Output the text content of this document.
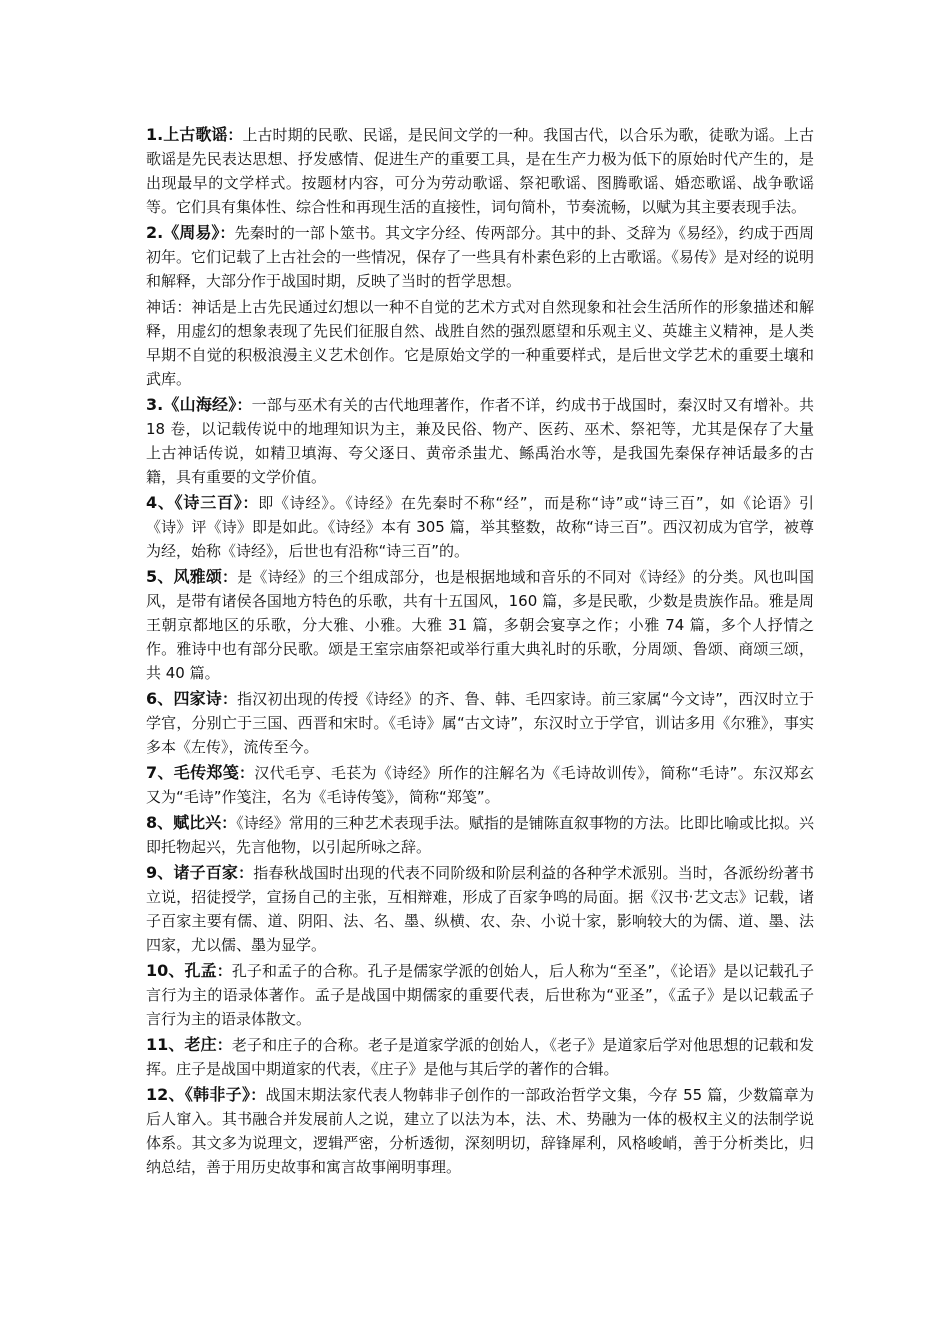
1.上古歌谣：上古时期的民歌、民谣，是民间文学的一种。我国古代，以合乐为歌，徒歌为谣。上古歌谣是先民表达思想、抒发感情、促进生产的重要工具，是在生产力极为低下的原始时代产生的，是出现最早的文学样式。按题材内容，可分为劳动歌谣、祭祀歌谣、图腾歌谣、婚恋歌谣、战争歌谣等。它们具有集体性、综合性和再现生活的直接性，词句简朴，节奏流畅，以赋为其主要表现手法。

2.《周易》：先秦时的一部卜筮书。其文字分经、传两部分。其中的卦、爻辞为《易经》，约成于西周初年。它们记载了上古社会的一些情况，保存了一些具有朴素色彩的上古歌谣。《易传》是对经的说明和解释，大部分作于战国时期，反映了当时的哲学思想。

神话：神话是上古先民通过幻想以一种不自觉的艺术方式对自然现象和社会生活所作的形象描述和解释，用虚幻的想象表现了先民们征服自然、战胜自然的强烈愿望和乐观主义、英雄主义精神，是人类早期不自觉的积极浪漫主义艺术创作。它是原始文学的一种重要样式，是后世文学艺术的重要土壤和武库。

3.《山海经》：一部与巫术有关的古代地理著作，作者不详，约成书于战国时，秦汉时又有增补。共 18 卷，以记载传说中的地理知识为主，兼及民俗、物产、医药、巫术、祭祀等，尤其是保存了大量上古神话传说，如精卫填海、夸父逐日、黄帝杀蚩尤、鲧禹治水等，是我国先秦保存神话最多的古籍，具有重要的文学价值。

4、《诗三百》：即《诗经》。《诗经》在先秦时不称“经”，而是称“诗”或“诗三百”，如《论语》引《诗》评《诗》即是如此。《诗经》本有 305 篇，举其整数，故称“诗三百”。西汉初成为官学，被尊为经，始称《诗经》，后世也有沿称“诗三百”的。

5、风雅颂：是《诗经》的三个组成部分，也是根据地域和音乐的不同对《诗经》的分类。风也叫国风，是带有诸侯各国地方特色的乐歌，共有十五国风，160 篇，多是民歌，少数是贵族作品。雅是周王朝京都地区的乐歌，分大雅、小雅。大雅 31 篇，多朝会宴享之作；小雅 74 篇，多个人抒情之作。雅诗中也有部分民歌。颂是王室宗庙祭祀或举行重大典礼时的乐歌，分周颂、鲁颂、商颂三颂，共 40 篇。

6、四家诗：指汉初出现的传授《诗经》的齐、鲁、韩、毛四家诗。前三家属“今文诗”，西汉时立于学官，分别亡于三国、西晋和宋时。《毛诗》属“古文诗”，东汉时立于学官，训诂多用《尔雅》，事实多本《左传》，流传至今。

7、毛传郑笺：汉代毛亨、毛苌为《诗经》所作的注解名为《毛诗故训传》，简称“毛诗”。东汉郑玄又为“毛诗”作笺注，名为《毛诗传笺》，简称“郑笺”。

8、赋比兴：《诗经》常用的三种艺术表现手法。赋指的是铺陈直叙事物的方法。比即比喻或比拟。兴即托物起兴，先言他物，以引起所咏之辞。

9、诸子百家：指春秋战国时出现的代表不同阶级和阶层利益的各种学术派别。当时，各派纷纷著书立说，招徒授学，宣扬自己的主张，互相辩难，形成了百家争鸣的局面。据《汉书·艺文志》记载，诸子百家主要有儒、道、阴阳、法、名、墨、纵横、农、杂、小说十家，影响较大的为儒、道、墨、法四家，尤以儒、墨为显学。

10、孔孟：孔子和孟子的合称。孔子是儒家学派的创始人，后人称为“至圣”，《论语》是以记载孔子言行为主的语录体著作。孟子是战国中期儒家的重要代表，后世称为“亚圣”，《孟子》是以记载孟子言行为主的语录体散文。

11、老庄：老子和庄子的合称。老子是道家学派的创始人，《老子》是道家后学对他思想的记载和发挥。庄子是战国中期道家的代表，《庄子》是他与其后学的著作的合辑。

12、《韩非子》：战国末期法家代表人物韩非子创作的一部政治哲学文集，今存 55 篇，少数篇章为后人窜入。其书融合并发展前人之说，建立了以法为本，法、术、势融为一体的极权主义的法制学说体系。其文多为说理文，逻辑严密，分析透彻，深刻明切，辞锋犀利，风格峻峭，善于分析类比，归纳总结，善于用历史故事和寓言故事阐明事理。
